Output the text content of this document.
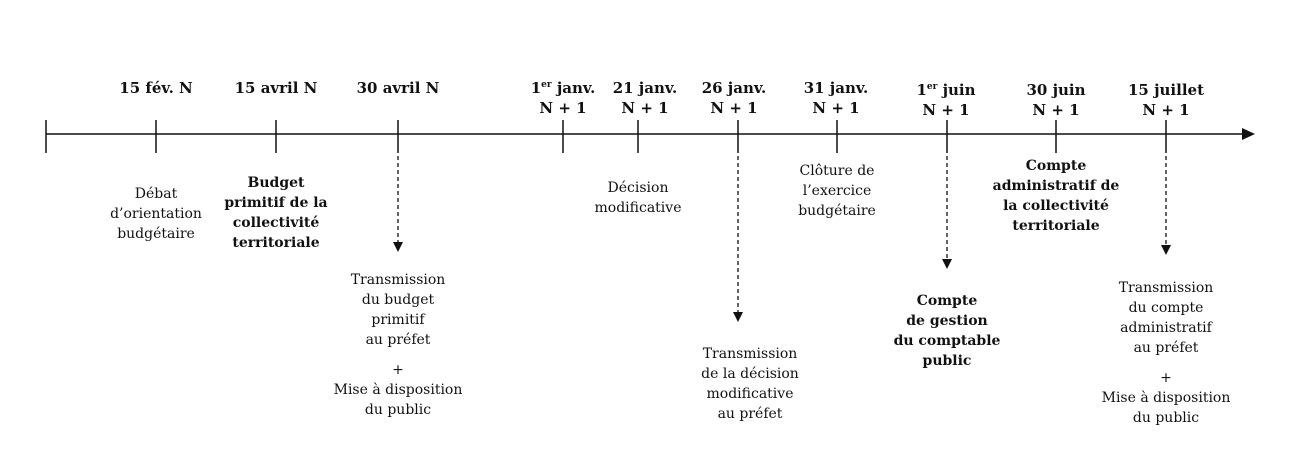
15 fév. N	15 avril N	30 avril N	1er janv.
N + 1
21 janv.
N + 1
26 janv.
N + 1
31 janv.
N + 1
1er juin
N + 1
30 juin
N + 1
15 juillet
N + 1
Débat
d’orientation
budgétaire
Budget
primitif de la
collectivité
territoriale
Décision
modificative
Clôture de
l’exercice
budgétaire
Compte
administratif de
la collectivité
territoriale
Transmission
du budget
primitif
au préfet
+
Mise à disposition
du public
Transmission
de la décision
modificative
au préfet
Compte
de gestion
du comptable
public
Transmission
du compte
administratif
au préfet
+
Mise à disposition
du public
